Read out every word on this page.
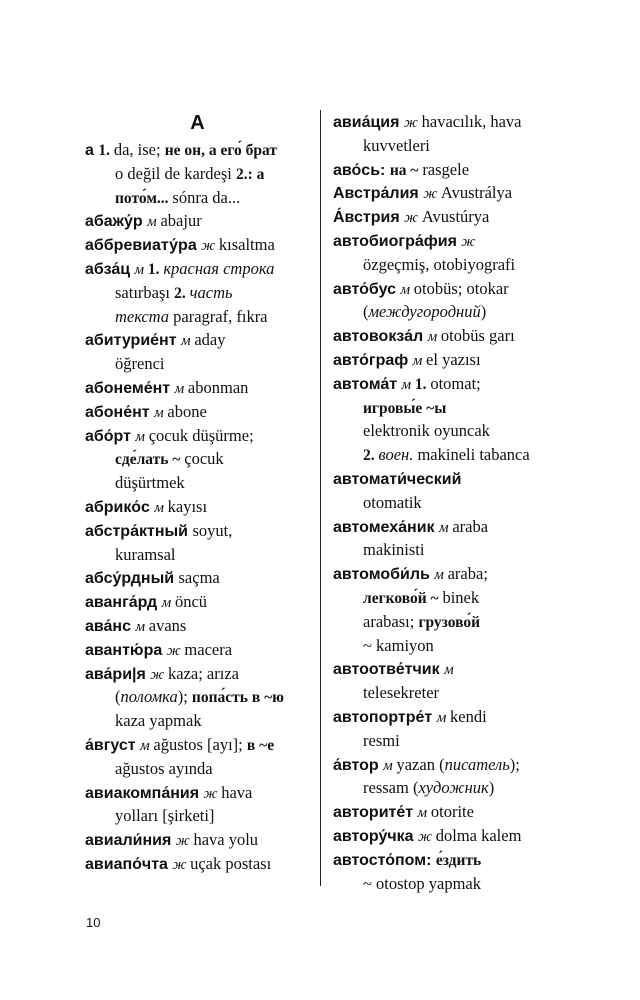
А
а 1. da, ise; не он, а его́ брат
o değil de kardeşi 2.: а
пото́м... sónra da...
абажу́р м abajur
аббревиату́ра ж kısaltma
абза́ц м 1. красная строка
satırbaşı 2. часть
текста paragraf, fıkra
абитурие́нт м aday
öğrenci
абонеме́нт м abonman
абоне́нт м abone
або́рт м çocuk düşürme;
сде́лать ~ çocuk
düşürtmek
абрико́с м kayısı
абстра́ктный soyut,
kuramsal
абсу́рдный saçma
аванга́рд м öncü
ава́нс м avans
авантю́ра ж macera
ава́ри|я ж kaza; arıza
(поломка); попа́сть в ~ю
kaza yapmak
а́вгуст м ağustos [ayı]; в ~е
ağustos ayında
авиакомпа́ния ж hava
yolları [şirketi]
авиали́ния ж hava yolu
авиапо́чта ж uçak postası
авиа́ция ж havacılık, hava
kuvvetleri
аво́сь: на ~ rasgele
Австра́лия ж Avustrálya
А́встрия ж Avustúrya
автобиогра́фия ж
özgeçmiş, otobiyografi
авто́бус м otobüs; otokar
(междугородний)
автовокза́л м otobüs garı
авто́граф м el yazısı
автома́т м 1. otomat;
игровы́е ~ы
elektronik oyuncak
2. воен. makineli tabanca
автомати́ческий
otomatik
автомеха́ник м araba
makinisti
автомоби́ль м araba;
легково́й ~ binek
arabası; грузово́й
~ kamiyon
автоотве́тчик м
telesekreter
автопортре́т м kendi
resmi
а́втор м yazan (писатель);
ressam (художник)
авторите́т м otorite
автору́чка ж dolma kalem
автосто́пом: е́здить
~ otostop yapmak
10
